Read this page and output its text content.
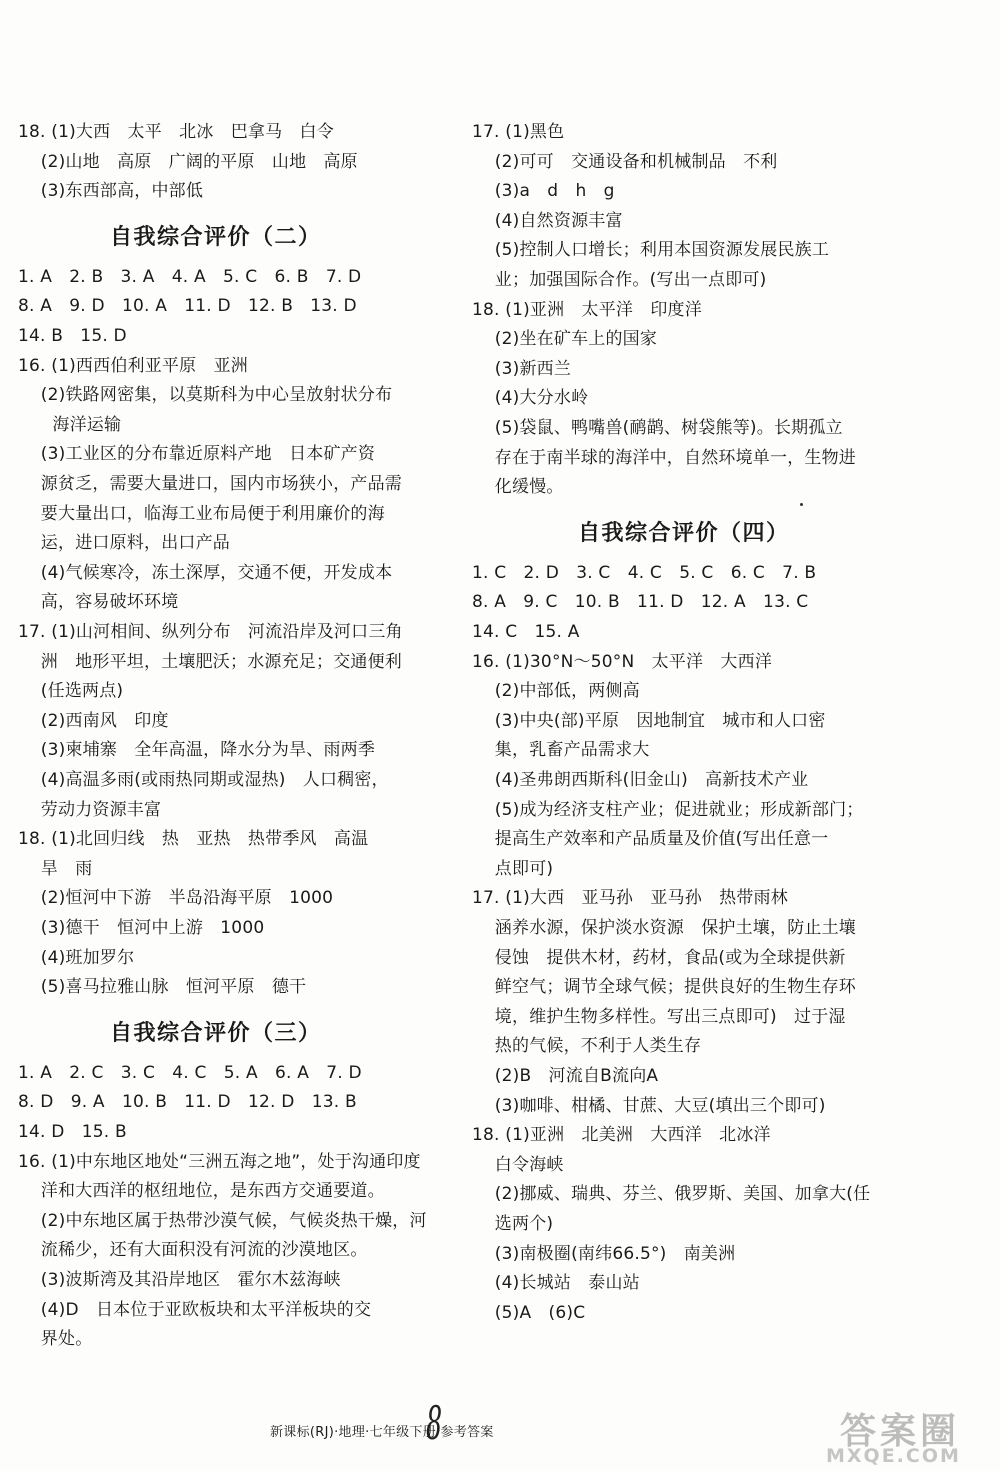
18. (1)大西　太平　北冰　巴拿马　白令
　 (2)山地　高原　广阔的平原　山地　高原
　 (3)东西部高，中部低
自我综合评价（二）
1. A　2. B　3. A　4. A　5. C　6. B　7. D
8. A　9. D　10. A　11. D　12. B　13. D
14. B　15. D
16. (1)西西伯利亚平原　亚洲
　 (2)铁路网密集，以莫斯科为中心呈放射状分布
　　海洋运输
　 (3)工业区的分布靠近原料产地　日本矿产资
　 源贫乏，需要大量进口，国内市场狭小，产品需
　 要大量出口，临海工业布局便于利用廉价的海
　 运，进口原料，出口产品
　 (4)气候寒冷，冻土深厚，交通不便，开发成本
　 高，容易破坏环境
17. (1)山河相间、纵列分布　河流沿岸及河口三角
　 洲　地形平坦，土壤肥沃；水源充足；交通便利
　 (任选两点)
　 (2)西南风　印度
　 (3)柬埔寨　全年高温，降水分为旱、雨两季
　 (4)高温多雨(或雨热同期或湿热)　人口稠密，
　 劳动力资源丰富
18. (1)北回归线　热　亚热　热带季风　高温
　 旱　雨
　 (2)恒河中下游　半岛沿海平原　1000
　 (3)德干　恒河中上游　1000
　 (4)班加罗尔
　 (5)喜马拉雅山脉　恒河平原　德干
自我综合评价（三）
1. A　2. C　3. C　4. C　5. A　6. A　7. D
8. D　9. A　10. B　11. D　12. D　13. B
14. D　15. B
16. (1)中东地区地处“三洲五海之地”，处于沟通印度
　 洋和大西洋的枢纽地位，是东西方交通要道。
　 (2)中东地区属于热带沙漠气候，气候炎热干燥，河
　 流稀少，还有大面积没有河流的沙漠地区。
　 (3)波斯湾及其沿岸地区　霍尔木兹海峡
　 (4)D　日本位于亚欧板块和太平洋板块的交
　 界处。
17. (1)黑色
　 (2)可可　交通设备和机械制品　不利
　 (3)a　d　h　g
　 (4)自然资源丰富
　 (5)控制人口增长；利用本国资源发展民族工
　 业；加强国际合作。(写出一点即可)
18. (1)亚洲　太平洋　印度洋
　 (2)坐在矿车上的国家
　 (3)新西兰
　 (4)大分水岭
　 (5)袋鼠、鸭嘴兽(鸸鹋、树袋熊等)。长期孤立
　 存在于南半球的海洋中，自然环境单一，生物进
　 化缓慢。
自我综合评价（四）
1. C　2. D　3. C　4. C　5. C　6. C　7. B
8. A　9. C　10. B　11. D　12. A　13. C
14. C　15. A
16. (1)30°N～50°N　太平洋　大西洋
　 (2)中部低，两侧高
　 (3)中央(部)平原　因地制宜　城市和人口密
　 集，乳畜产品需求大
　 (4)圣弗朗西斯科(旧金山)　高新技术产业
　 (5)成为经济支柱产业；促进就业；形成新部门；
　 提高生产效率和产品质量及价值(写出任意一
　 点即可)
17. (1)大西　亚马孙　亚马孙　热带雨林
　 涵养水源，保护淡水资源　保护土壤，防止土壤
　 侵蚀　提供木材，药材，食品(或为全球提供新
　 鲜空气；调节全球气候；提供良好的生物生存环
　 境，维护生物多样性。写出三点即可)　过于湿
　 热的气候，不利于人类生存
　 (2)B　河流自B流向A
　 (3)咖啡、柑橘、甘蔗、大豆(填出三个即可)
18. (1)亚洲　北美洲　大西洋　北冰洋
　 白令海峡
　 (2)挪威、瑞典、芬兰、俄罗斯、美国、加拿大(任
　 选两个)
　 (3)南极圈(南纬66.5°)　南美洲
　 (4)长城站　泰山站
　 (5)A　(6)C
8
新课标(RJ)·地理·七年级下册·参考答案	答案圈
MXQE.COM
